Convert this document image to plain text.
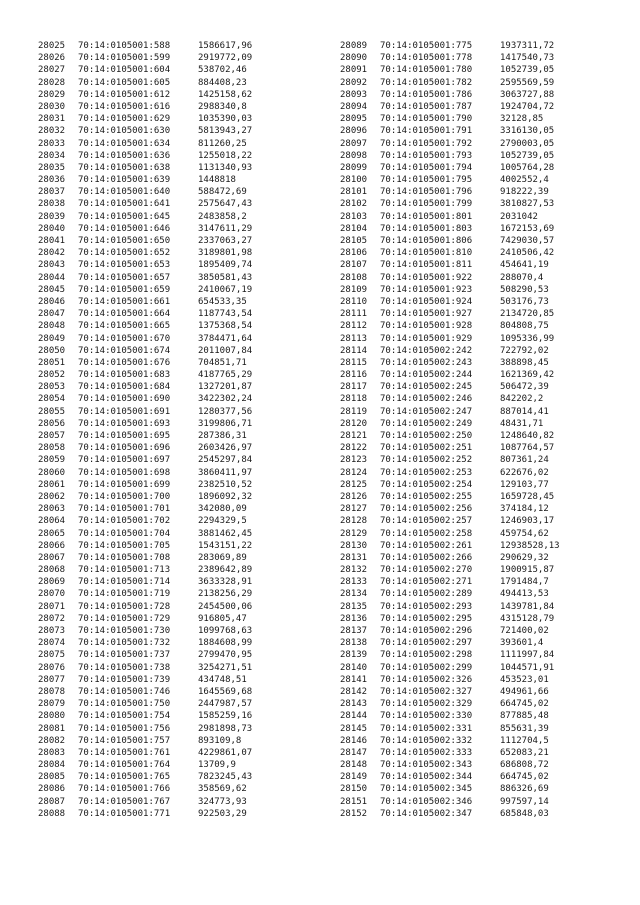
28025	70:14:0105001:588	1586617,96
28026	70:14:0105001:599	2919772,09
28027	70:14:0105001:604	538702,46
28028	70:14:0105001:605	884408,23
28029	70:14:0105001:612	1425158,62
28030	70:14:0105001:616	2988340,8
28031	70:14:0105001:629	1035390,03
28032	70:14:0105001:630	5813943,27
28033	70:14:0105001:634	811260,25
28034	70:14:0105001:636	1255018,22
28035	70:14:0105001:638	1131340,93
28036	70:14:0105001:639	1448818
28037	70:14:0105001:640	588472,69
28038	70:14:0105001:641	2575647,43
28039	70:14:0105001:645	2483858,2
28040	70:14:0105001:646	3147611,29
28041	70:14:0105001:650	2337063,27
28042	70:14:0105001:652	3189801,98
28043	70:14:0105001:653	1895409,74
28044	70:14:0105001:657	3850581,43
28045	70:14:0105001:659	2410067,19
28046	70:14:0105001:661	654533,35
28047	70:14:0105001:664	1187743,54
28048	70:14:0105001:665	1375368,54
28049	70:14:0105001:670	3784471,64
28050	70:14:0105001:674	2011007,84
28051	70:14:0105001:676	704851,71
28052	70:14:0105001:683	4187765,29
28053	70:14:0105001:684	1327201,87
28054	70:14:0105001:690	3422302,24
28055	70:14:0105001:691	1280377,56
28056	70:14:0105001:693	3199806,71
28057	70:14:0105001:695	287386,31
28058	70:14:0105001:696	2603426,97
28059	70:14:0105001:697	2545297,84
28060	70:14:0105001:698	3860411,97
28061	70:14:0105001:699	2382510,52
28062	70:14:0105001:700	1896092,32
28063	70:14:0105001:701	342080,09
28064	70:14:0105001:702	2294329,5
28065	70:14:0105001:704	3881462,45
28066	70:14:0105001:705	1543151,22
28067	70:14:0105001:708	283069,89
28068	70:14:0105001:713	2389642,89
28069	70:14:0105001:714	3633328,91
28070	70:14:0105001:719	2138256,29
28071	70:14:0105001:728	2454500,06
28072	70:14:0105001:729	916805,47
28073	70:14:0105001:730	1099768,63
28074	70:14:0105001:732	1884608,99
28075	70:14:0105001:737	2799470,95
28076	70:14:0105001:738	3254271,51
28077	70:14:0105001:739	434748,51
28078	70:14:0105001:746	1645569,68
28079	70:14:0105001:750	2447987,57
28080	70:14:0105001:754	1585259,16
28081	70:14:0105001:756	2981898,73
28082	70:14:0105001:757	893109,8
28083	70:14:0105001:761	4229861,07
28084	70:14:0105001:764	13709,9
28085	70:14:0105001:765	7823245,43
28086	70:14:0105001:766	358569,62
28087	70:14:0105001:767	324773,93
28088	70:14:0105001:771	922503,29
28089	70:14:0105001:775	1937311,72
28090	70:14:0105001:778	1417540,73
28091	70:14:0105001:780	1052739,05
28092	70:14:0105001:782	2595569,59
28093	70:14:0105001:786	3063727,88
28094	70:14:0105001:787	1924704,72
28095	70:14:0105001:790	32128,85
28096	70:14:0105001:791	3316130,05
28097	70:14:0105001:792	2790003,05
28098	70:14:0105001:793	1052739,05
28099	70:14:0105001:794	1005764,28
28100	70:14:0105001:795	4002552,4
28101	70:14:0105001:796	918222,39
28102	70:14:0105001:799	3810827,53
28103	70:14:0105001:801	2031042
28104	70:14:0105001:803	1672153,69
28105	70:14:0105001:806	7429030,57
28106	70:14:0105001:810	2410506,42
28107	70:14:0105001:811	454641,19
28108	70:14:0105001:922	288070,4
28109	70:14:0105001:923	508290,53
28110	70:14:0105001:924	503176,73
28111	70:14:0105001:927	2134720,85
28112	70:14:0105001:928	804808,75
28113	70:14:0105001:929	1095336,99
28114	70:14:0105002:242	722792,02
28115	70:14:0105002:243	388898,45
28116	70:14:0105002:244	1621369,42
28117	70:14:0105002:245	506472,39
28118	70:14:0105002:246	842202,2
28119	70:14:0105002:247	887014,41
28120	70:14:0105002:249	48431,71
28121	70:14:0105002:250	1248640,82
28122	70:14:0105002:251	1087764,57
28123	70:14:0105002:252	807361,24
28124	70:14:0105002:253	622676,02
28125	70:14:0105002:254	129103,77
28126	70:14:0105002:255	1659728,45
28127	70:14:0105002:256	374184,12
28128	70:14:0105002:257	1246903,17
28129	70:14:0105002:258	459754,62
28130	70:14:0105002:261	12938528,13
28131	70:14:0105002:266	290629,32
28132	70:14:0105002:270	1900915,87
28133	70:14:0105002:271	1791484,7
28134	70:14:0105002:289	494413,53
28135	70:14:0105002:293	1439781,84
28136	70:14:0105002:295	4315128,79
28137	70:14:0105002:296	721400,02
28138	70:14:0105002:297	393601,4
28139	70:14:0105002:298	1111997,84
28140	70:14:0105002:299	1044571,91
28141	70:14:0105002:326	453523,01
28142	70:14:0105002:327	494961,66
28143	70:14:0105002:329	664745,02
28144	70:14:0105002:330	877885,48
28145	70:14:0105002:331	855631,39
28146	70:14:0105002:332	1112704,5
28147	70:14:0105002:333	652083,21
28148	70:14:0105002:343	686808,72
28149	70:14:0105002:344	664745,02
28150	70:14:0105002:345	886326,69
28151	70:14:0105002:346	997597,14
28152	70:14:0105002:347	685848,03
